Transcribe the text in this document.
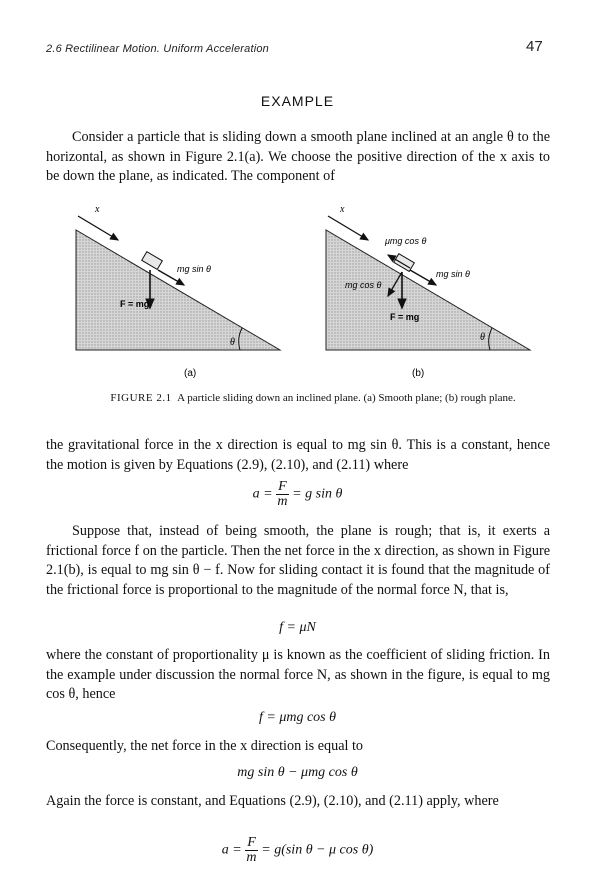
2.6 Rectilinear Motion. Uniform Acceleration	47
EXAMPLE
Consider a particle that is sliding down a smooth plane inclined at an angle θ to the horizontal, as shown in Figure 2.1(a). We choose the positive direction of the x axis to be down the plane, as indicated. The component of
x
mg sin θ
F = mg
θ
(a)
x
μmg cos θ
mg sin θ
mg cos θ
F = mg
θ
(b)
FIGURE 2.1 A particle sliding down an inclined plane. (a) Smooth plane; (b) rough plane.
the gravitational force in the x direction is equal to mg sin θ. This is a constant, hence the motion is given by Equations (2.9), (2.10), and (2.11) where
$a = \frac{F}{m} = g$ sin θ
Suppose that, instead of being smooth, the plane is rough; that is, it exerts a frictional force f on the particle. Then the net force in the x direction, as shown in Figure 2.1(b), is equal to mg sin θ − f. Now for sliding contact it is found that the magnitude of the frictional force is proportional to the magnitude of the normal force N, that is,
f = μN
where the constant of proportionality μ is known as the coefficient of sliding friction. In the example under discussion the normal force N, as shown in the figure, is equal to mg cos θ, hence
f = μmg cos θ
Consequently, the net force in the x direction is equal to
mg sin θ − μmg cos θ
Again the force is constant, and Equations (2.9), (2.10), and (2.11) apply, where
$a = \frac{F}{m} = g(\sin$ θ − μ cos θ)
